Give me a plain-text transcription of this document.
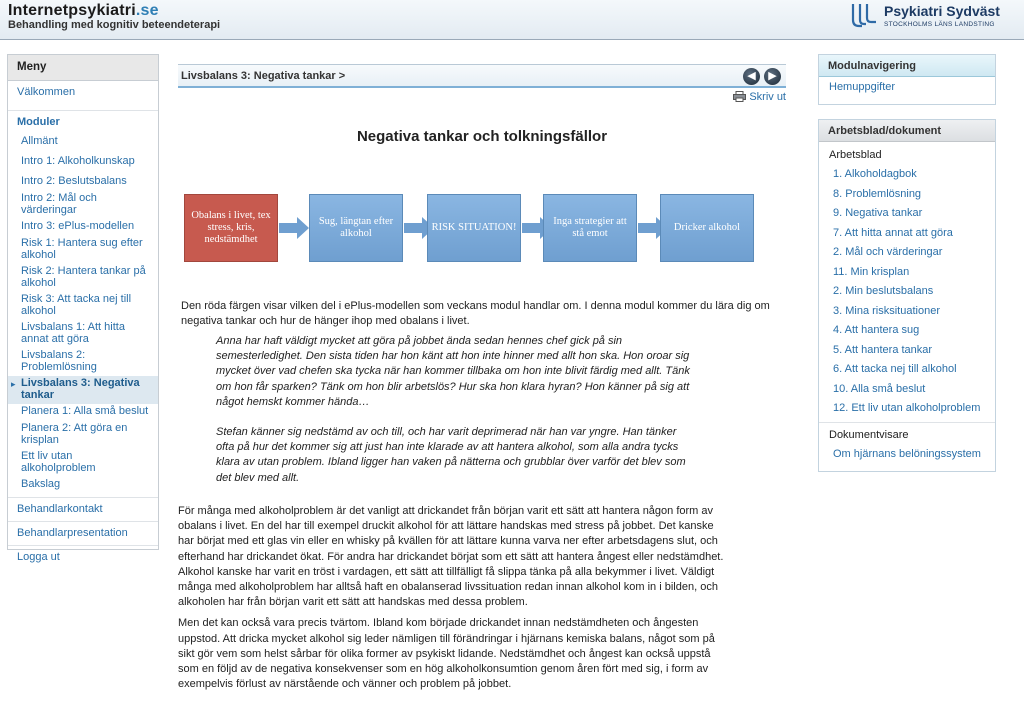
Internetpsykiatri.se
Behandling med kognitiv beteendeterapi
Psykiatri Sydväst
STOCKHOLMS LÄNS LANDSTING
Meny
Välkommen
Moduler
Allmänt
Intro 1: Alkoholkunskap
Intro 2: Beslutsbalans
Intro 2: Mål och värderingar
Intro 3: ePlus-modellen
Risk 1: Hantera sug efter alkohol
Risk 2: Hantera tankar på alkohol
Risk 3: Att tacka nej till alkohol
Livsbalans 1: Att hitta annat att göra
Livsbalans 2: Problemlösning
▸ Livsbalans 3: Negativa tankar
Planera 1: Alla små beslut
Planera 2: Att göra en krisplan
Ett liv utan alkoholproblem
Bakslag
Behandlarkontakt
Behandlarpresentation
Logga ut
Livsbalans 3: Negativa tankar >	◀	▶
Skriv ut
Negativa tankar och tolkningsfällor
Obalans i livet, tex stress, kris, nedstämdhet
Sug, längtan efter alkohol
RISK SITUATION!
Inga strategier att stå emot
Dricker alkohol
Den röda färgen visar vilken del i ePlus-modellen som veckans modul handlar om. I denna modul kommer du lära dig om negativa tankar och hur de hänger ihop med obalans i livet.

Anna har haft väldigt mycket att göra på jobbet ända sedan hennes chef gick på sin semesterledighet. Den sista tiden har hon känt att hon inte hinner med allt hon ska. Hon oroar sig mycket över vad chefen ska tycka när han kommer tillbaka om hon inte blivit färdig med allt. Tänk om hon får sparken? Tänk om hon blir arbetslös? Hur ska hon klara hyran? Hon känner på sig att något hemskt kommer hända…

Stefan känner sig nedstämd av och till, och har varit deprimerad när han var yngre. Han tänker ofta på hur det kommer sig att just han inte klarade av att hantera alkohol, som alla andra tycks klara av utan problem. Ibland ligger han vaken på nätterna och grubblar över varför det blev som det blev med allt.

För många med alkoholproblem är det vanligt att drickandet från början varit ett sätt att hantera någon form av obalans i livet. En del har till exempel druckit alkohol för att lättare handskas med stress på jobbet. Det kanske har börjat med ett glas vin eller en whisky på kvällen för att lättare kunna varva ner efter arbetsdagens slut, och efterhand har drickandet ökat. För andra har drickandet börjat som ett sätt att hantera ångest eller nedstämdhet. Alkohol kanske har varit en tröst i vardagen, ett sätt att tillfälligt få slippa tänka på alla bekymmer i livet. Väldigt många med alkoholproblem har alltså haft en obalanserad livssituation redan innan alkohol kom in i bilden, och alkoholen har från början varit ett sätt att handskas med dessa problem.

Men det kan också vara precis tvärtom. Ibland kom började drickandet innan nedstämdheten och ångesten uppstod. Att dricka mycket alkohol sig leder nämligen till förändringar i hjärnans kemiska balans, något som på sikt gör vem som helst sårbar för olika former av psykiskt lidande. Nedstämdhet och ångest kan också uppstå som en följd av de negativa konsekvenser som en hög alkoholkonsumtion genom åren fört med sig, i form av exempelvis förlust av närstående och vänner och problem på jobbet.

Modulnavigering
Hemuppgifter
Arbetsblad/dokument
Arbetsblad
1. Alkoholdagbok
8. Problemlösning
9. Negativa tankar
7. Att hitta annat att göra
2. Mål och värderingar
11. Min krisplan
2. Min beslutsbalans
3. Mina risksituationer
4. Att hantera sug
5. Att hantera tankar
6. Att tacka nej till alkohol
10. Alla små beslut
12. Ett liv utan alkoholproblem
Dokumentvisare
Om hjärnans belöningssystem
